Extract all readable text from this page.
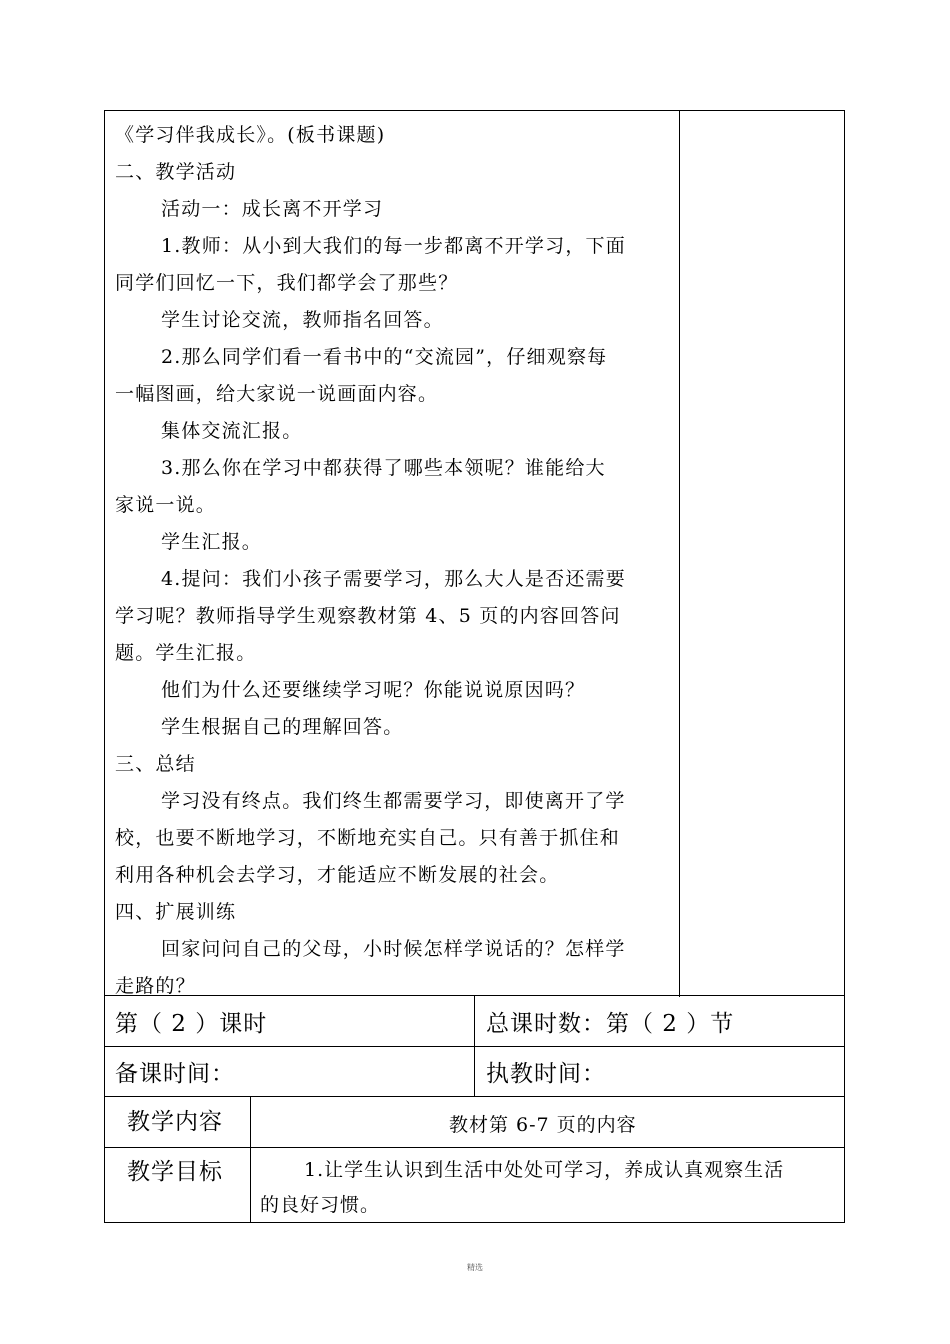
《学习伴我成长》。(板书课题)
二、教学活动
活动一：成长离不开学习
1.教师：从小到大我们的每一步都离不开学习，下面
同学们回忆一下，我们都学会了那些？
学生讨论交流，教师指名回答。
2.那么同学们看一看书中的“交流园”，仔细观察每
一幅图画，给大家说一说画面内容。
集体交流汇报。
3.那么你在学习中都获得了哪些本领呢？谁能给大
家说一说。
学生汇报。
4.提问：我们小孩子需要学习，那么大人是否还需要
学习呢？教师指导学生观察教材第 4、5 页的内容回答问
题。学生汇报。
他们为什么还要继续学习呢？你能说说原因吗？
学生根据自己的理解回答。
三、总结
学习没有终点。我们终生都需要学习，即使离开了学
校，也要不断地学习，不断地充实自己。只有善于抓住和
利用各种机会去学习，才能适应不断发展的社会。
四、扩展训练
回家问问自己的父母，小时候怎样学说话的？怎样学
走路的？
第（ 2 ）课时	总课时数：第（ 2 ）节
备课时间：	执教时间：
教学内容	教材第 6-7 页的内容
教学目标	1.让学生认识到生活中处处可学习，养成认真观察生活
的良好习惯。
精选
